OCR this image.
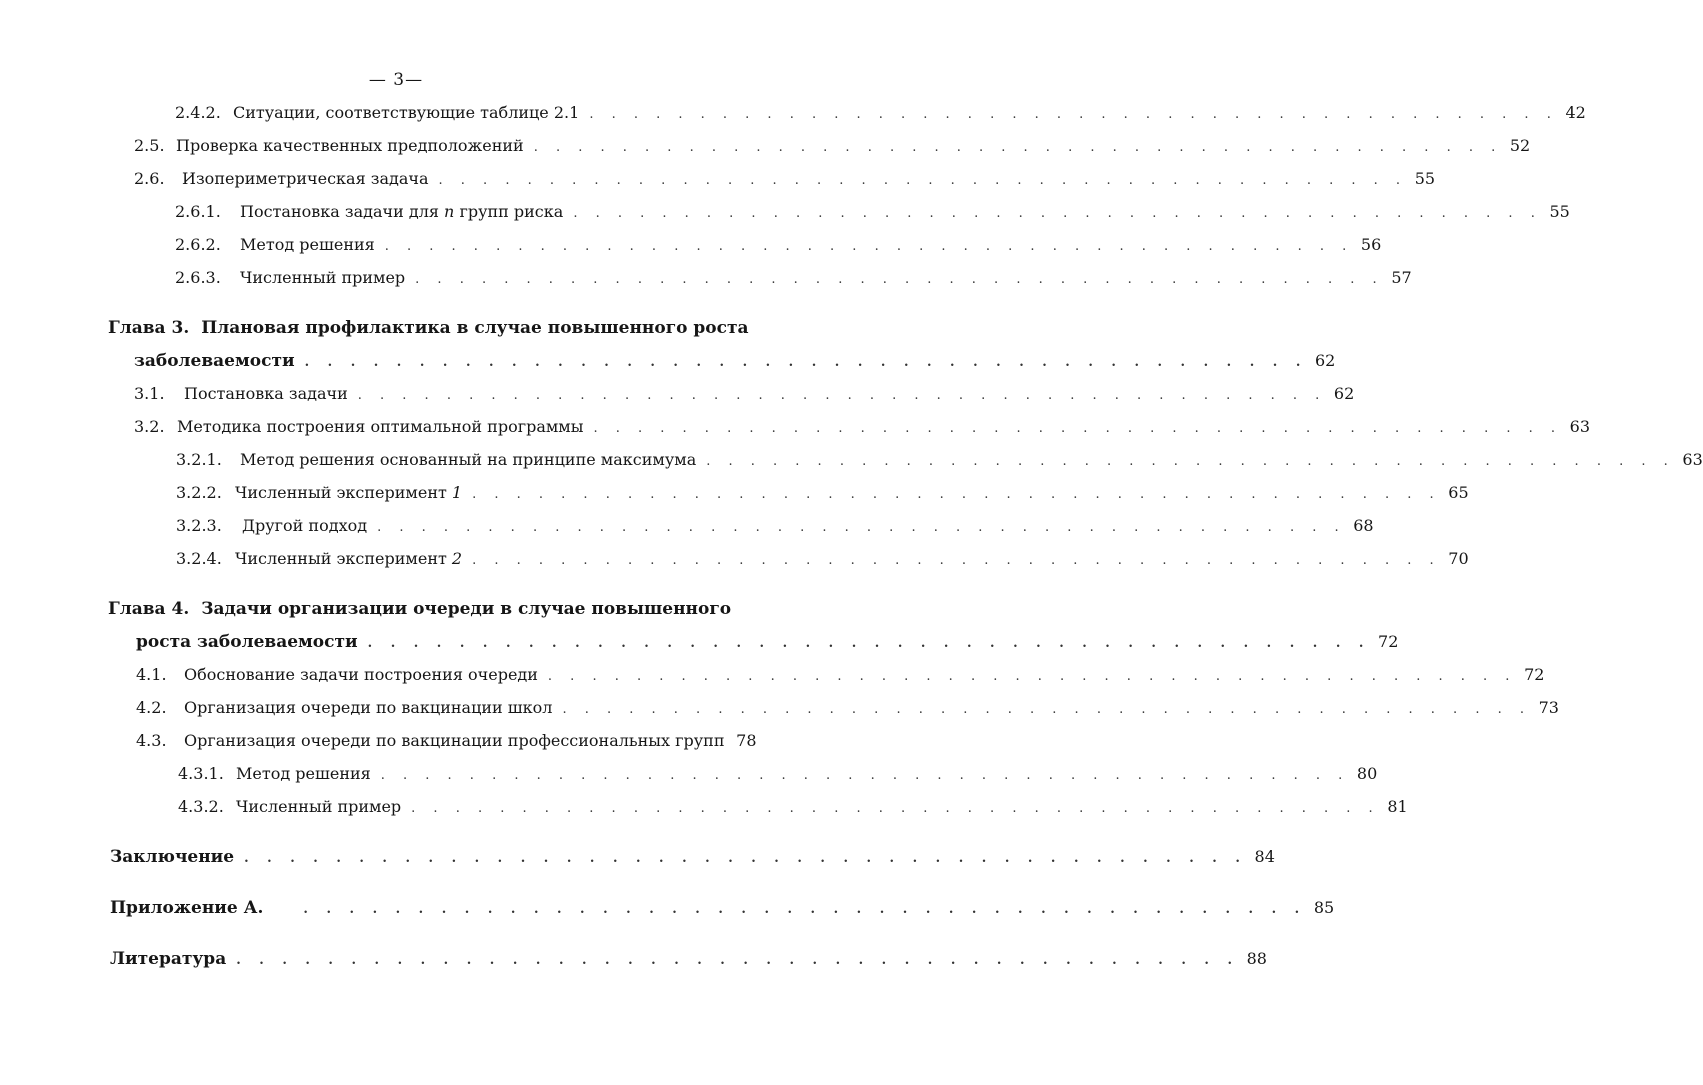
— 3—
2.4.2. Ситуации, соответствующие таблице 2.1 . . . . . . . . . . . . . . . . . . . . . . . . . . . . . . . . . . . . . . . . . . . . 42
2.5. Проверка качественных предположений . . . . . . . . . . . . . . . . . . . . . . . . . . . . . . . . . . . . . . . . . . . . 52
2.6.	Изопериметрическая задача . . . . . . . . . . . . . . . . . . . . . . . . . . . . . . . . . . . . . . . . . . . . 55
2.6.1.	Постановка задачи для n групп риска . . . . . . . . . . . . . . . . . . . . . . . . . . . . . . . . . . . . . . . . . . . . 55
2.6.2.	Метод решения . . . . . . . . . . . . . . . . . . . . . . . . . . . . . . . . . . . . . . . . . . . . 56
2.6.3.	Численный пример . . . . . . . . . . . . . . . . . . . . . . . . . . . . . . . . . . . . . . . . . . . . 57
Глава 3. Плановая профилактика в случае повышенного роста
заболеваемости . . . . . . . . . . . . . . . . . . . . . . . . . . . . . . . . . . . . . . . . . . . . 62
3.1.	Постановка задачи . . . . . . . . . . . . . . . . . . . . . . . . . . . . . . . . . . . . . . . . . . . . 62
3.2. Методика построения оптимальной программы . . . . . . . . . . . . . . . . . . . . . . . . . . . . . . . . . . . . . . . . . . . . 63
3.2.1.	Метод решения основанный на принципе максимума . . . . . . . . . . . . . . . . . . . . . . . . . . . . . . . . . . . . . . . . . . . . 63
3.2.2. Численный эксперимент 1 . . . . . . . . . . . . . . . . . . . . . . . . . . . . . . . . . . . . . . . . . . . . 65
3.2.3.	Другой подход . . . . . . . . . . . . . . . . . . . . . . . . . . . . . . . . . . . . . . . . . . . . 68
3.2.4. Численный эксперимент 2 . . . . . . . . . . . . . . . . . . . . . . . . . . . . . . . . . . . . . . . . . . . . 70
Глава 4. Задачи организации очереди в случае повышенного
роста заболеваемости . . . . . . . . . . . . . . . . . . . . . . . . . . . . . . . . . . . . . . . . . . . . 72
4.1.	Обоснование задачи построения очереди . . . . . . . . . . . . . . . . . . . . . . . . . . . . . . . . . . . . . . . . . . . . 72
4.2.	Организация очереди по вакцинации школ . . . . . . . . . . . . . . . . . . . . . . . . . . . . . . . . . . . . . . . . . . . . 73
4.3.	Организация очереди по вакцинации профессиональных групп 78
4.3.1. Метод решения . . . . . . . . . . . . . . . . . . . . . . . . . . . . . . . . . . . . . . . . . . . . 80
4.3.2. Численный пример . . . . . . . . . . . . . . . . . . . . . . . . . . . . . . . . . . . . . . . . . . . . 81
Заключение . . . . . . . . . . . . . . . . . . . . . . . . . . . . . . . . . . . . . . . . . . . . 84
Приложение А.	. . . . . . . . . . . . . . . . . . . . . . . . . . . . . . . . . . . . . . . . . . . . 85
Литература . . . . . . . . . . . . . . . . . . . . . . . . . . . . . . . . . . . . . . . . . . . . 88
